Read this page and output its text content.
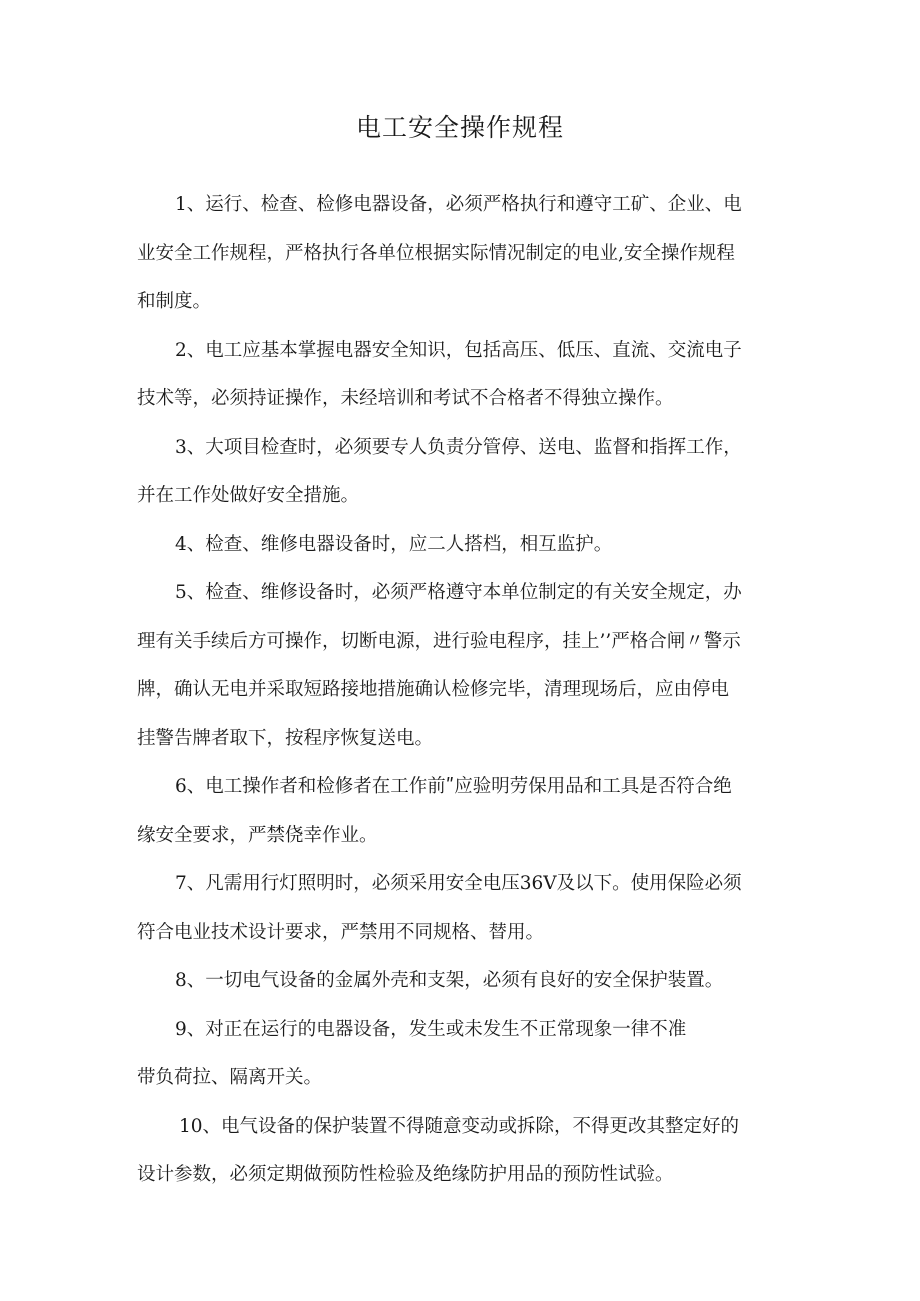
电工安全操作规程
1、运行、检查、检修电器设备，必须严格执行和遵守工矿、企业、电
业安全工作规程，严格执行各单位根据实际情况制定的电业,安全操作规程
和制度。
2、电工应基本掌握电器安全知识，包括高压、低压、直流、交流电子
技术等，必须持证操作，未经培训和考试不合格者不得独立操作。
3、大项目检查时，必须要专人负责分管停、送电、监督和指挥工作，
并在工作处做好安全措施。
4、检查、维修电器设备时，应二人搭档，相互监护。
5、检查、维修设备时，必须严格遵守本单位制定的有关安全规定，办
理有关手续后方可操作，切断电源，进行验电程序，挂上’’严格合闸〃警示
牌，确认无电并采取短路接地措施确认检修完毕，清理现场后，应由停电
挂警告牌者取下，按程序恢复送电。
6、电工操作者和检修者在工作前ʺ应验明劳保用品和工具是否符合绝
缘安全要求，严禁侥幸作业。
7、凡需用行灯照明时，必须采用安全电压36V及以下。使用保险必须
符合电业技术设计要求，严禁用不同规格、替用。
8、一切电气设备的金属外壳和支架，必须有良好的安全保护装置。
9、对正在运行的电器设备，发生或未发生不正常现象一律不准
带负荷拉、隔离开关。
10、电气设备的保护装置不得随意变动或拆除，不得更改其整定好的
设计参数，必须定期做预防性检验及绝缘防护用品的预防性试验。
